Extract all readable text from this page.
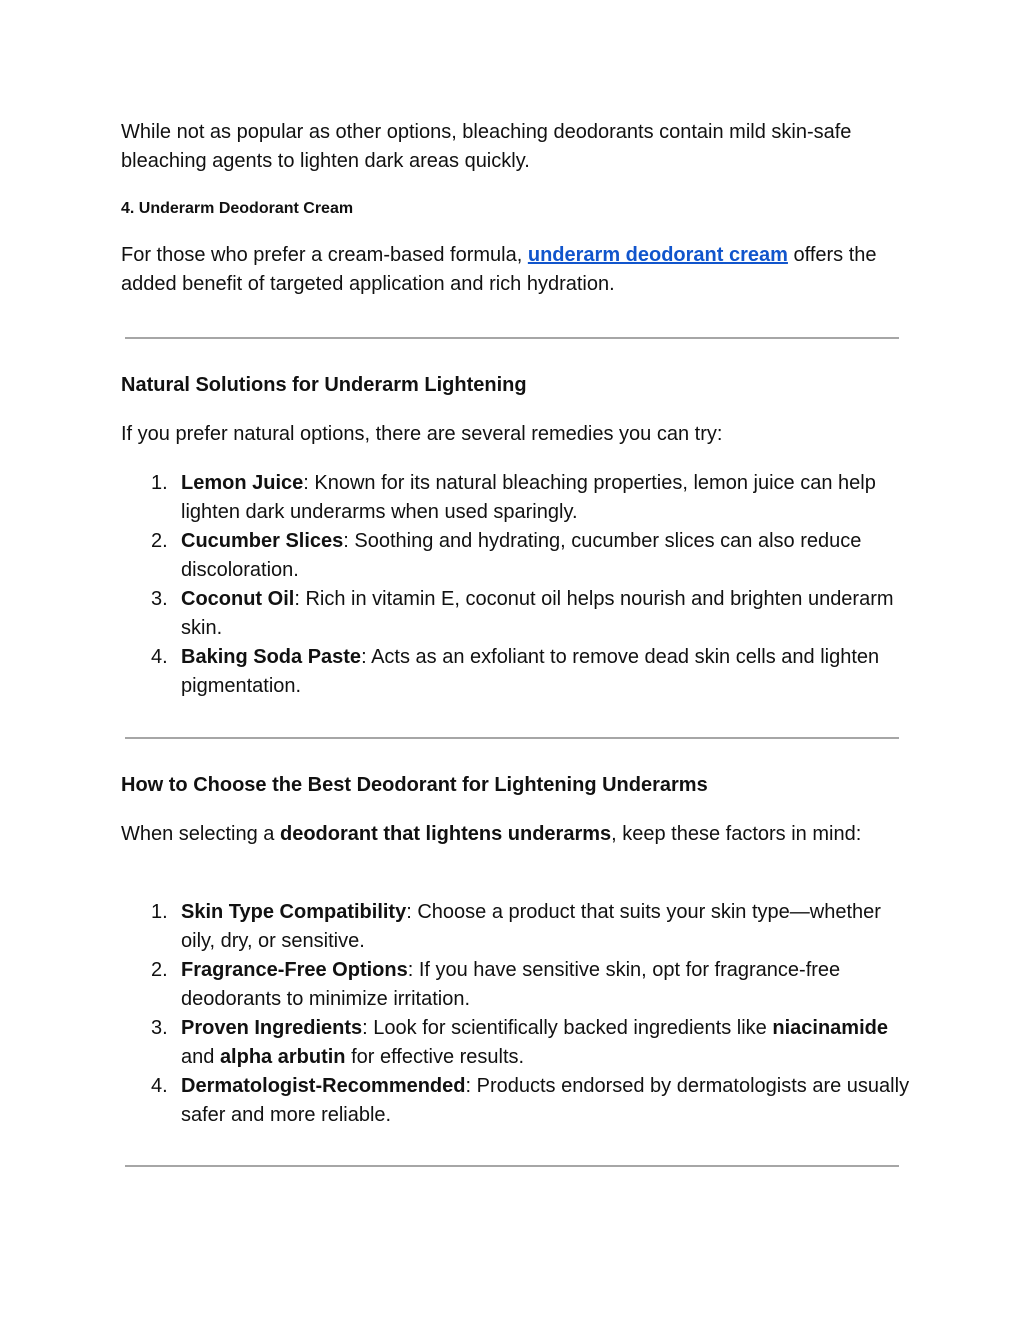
While not as popular as other options, bleaching deodorants contain mild skin-safe bleaching agents to lighten dark areas quickly.

4. Underarm Deodorant Cream

For those who prefer a cream-based formula, underarm deodorant cream offers the added benefit of targeted application and rich hydration.

Natural Solutions for Underarm Lightening

If you prefer natural options, there are several remedies you can try:

1. Lemon Juice: Known for its natural bleaching properties, lemon juice can help lighten dark underarms when used sparingly.
2. Cucumber Slices: Soothing and hydrating, cucumber slices can also reduce discoloration.
3. Coconut Oil: Rich in vitamin E, coconut oil helps nourish and brighten underarm skin.
4. Baking Soda Paste: Acts as an exfoliant to remove dead skin cells and lighten pigmentation.
How to Choose the Best Deodorant for Lightening Underarms

When selecting a deodorant that lightens underarms, keep these factors in mind:

1. Skin Type Compatibility: Choose a product that suits your skin type—whether oily, dry, or sensitive.
2. Fragrance-Free Options: If you have sensitive skin, opt for fragrance-free deodorants to minimize irritation.
3. Proven Ingredients: Look for scientifically backed ingredients like niacinamide and alpha arbutin for effective results.
4. Dermatologist-Recommended: Products endorsed by dermatologists are usually safer and more reliable.
